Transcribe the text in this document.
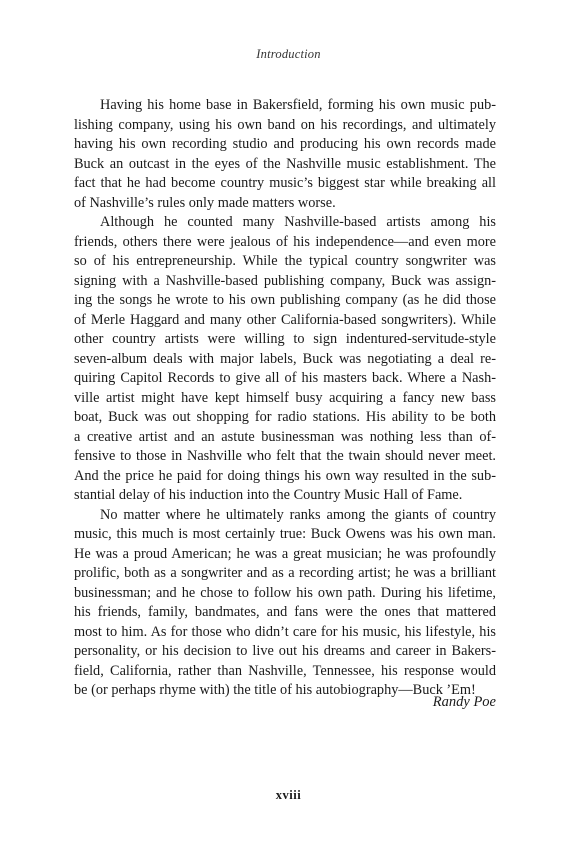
Introduction

Having his home base in Bakersfield, forming his own music pub-
lishing company, using his own band on his recordings, and ultimately
having his own recording studio and producing his own records made
Buck an outcast in the eyes of the Nashville music establishment. The
fact that he had become country music’s biggest star while breaking all
of Nashville’s rules only made matters worse.

Although he counted many Nashville-based artists among his
friends, others there were jealous of his independence—and even more
so of his entrepreneurship. While the typical country songwriter was
signing with a Nashville-based publishing company, Buck was assign-
ing the songs he wrote to his own publishing company (as he did those
of Merle Haggard and many other California-based songwriters). While
other country artists were willing to sign indentured-servitude-style
seven-album deals with major labels, Buck was negotiating a deal re-
quiring Capitol Records to give all of his masters back. Where a Nash-
ville artist might have kept himself busy acquiring a fancy new bass
boat, Buck was out shopping for radio stations. His ability to be both
a creative artist and an astute businessman was nothing less than of-
fensive to those in Nashville who felt that the twain should never meet.
And the price he paid for doing things his own way resulted in the sub-
stantial delay of his induction into the Country Music Hall of Fame.

No matter where he ultimately ranks among the giants of country
music, this much is most certainly true: Buck Owens was his own man.
He was a proud American; he was a great musician; he was profoundly
prolific, both as a songwriter and as a recording artist; he was a brilliant
businessman; and he chose to follow his own path. During his lifetime,
his friends, family, bandmates, and fans were the ones that mattered
most to him. As for those who didn’t care for his music, his lifestyle, his
personality, or his decision to live out his dreams and career in Bakers-
field, California, rather than Nashville, Tennessee, his response would
be (or perhaps rhyme with) the title of his autobiography—Buck ’Em!

Randy Poe
xviii
